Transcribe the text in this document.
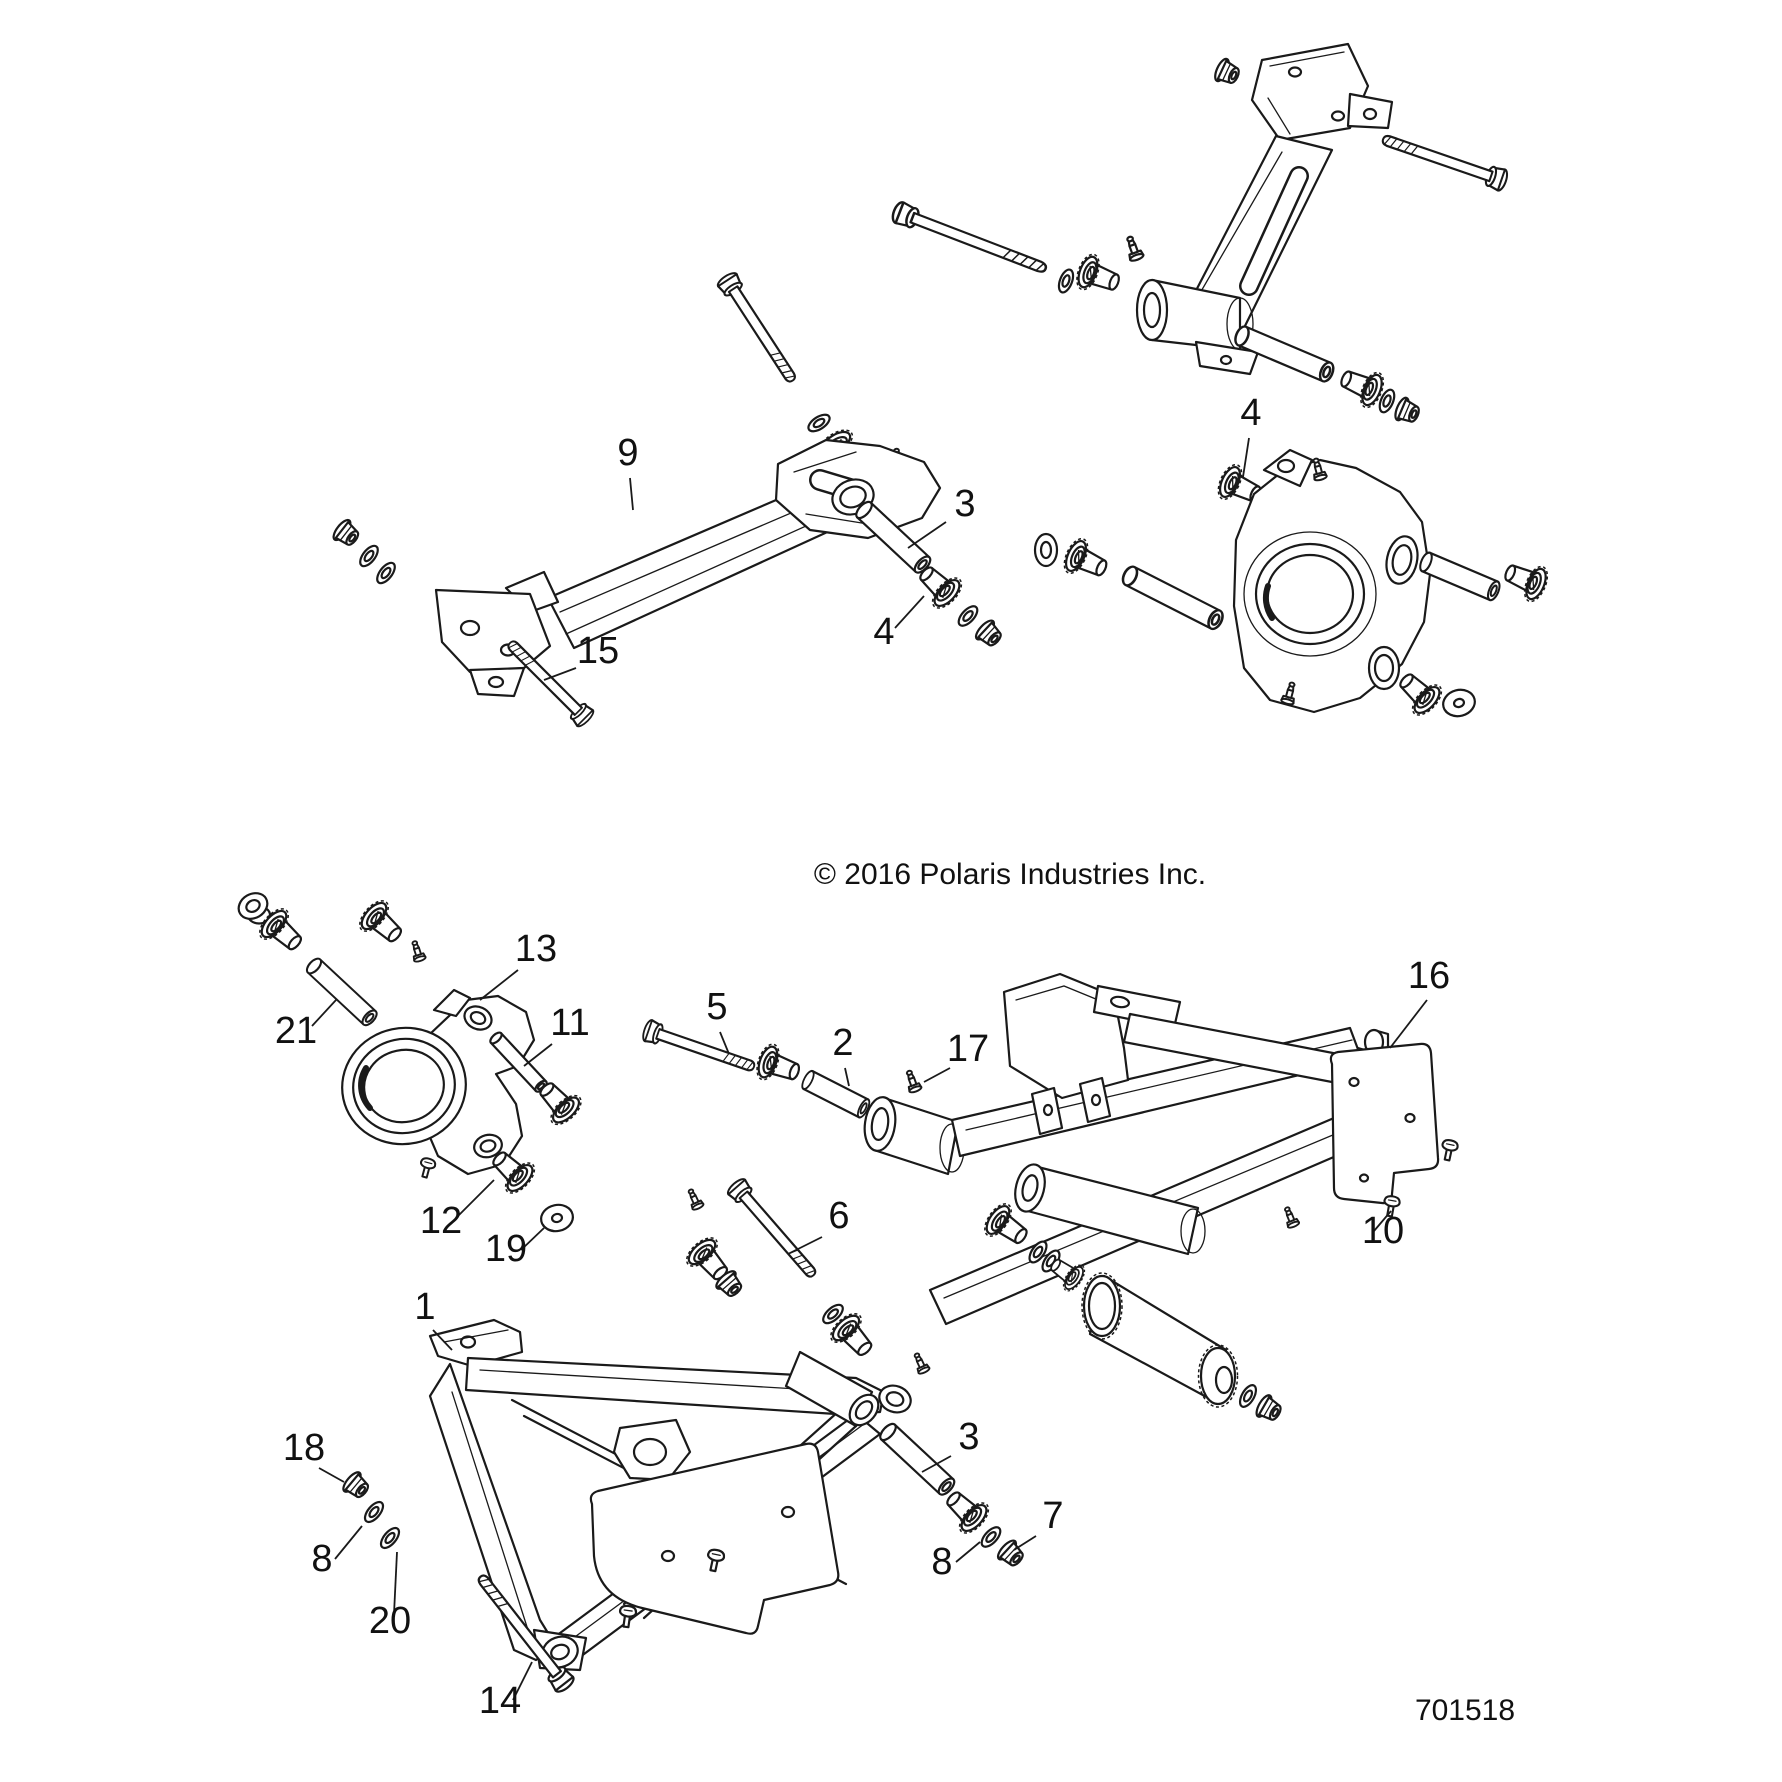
9
3
4
15
4
13
11
21
12
19
1
18
8
20
14
6
5
2 17
16
10
3
7
8
© 2016 Polaris Industries Inc.
701518
